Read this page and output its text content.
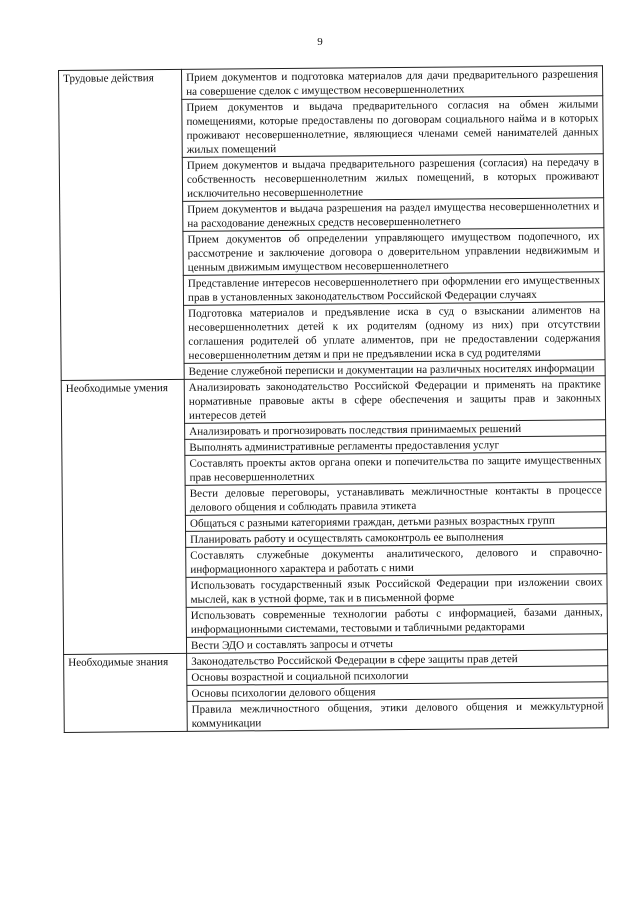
9
Трудовые действия	Прием документов и подготовка материалов для дачи предварительного разрешения на совершение сделок с имуществом несовершеннолетних
	Прием документов и выдача предварительного согласия на обмен жилыми помещениями, которые предоставлены по договорам социального найма и в которых проживают несовершеннолетние, являющиеся членами семей нанимателей данных жилых помещений
	Прием документов и выдача предварительного разрешения (согласия) на передачу в собственность несовершеннолетним жилых помещений, в которых проживают исключительно несовершеннолетние
	Прием документов и выдача разрешения на раздел имущества несовершеннолетних и на расходование денежных средств несовершеннолетнего
	Прием документов об определении управляющего имуществом подопечного, их рассмотрение и заключение договора о доверительном управлении недвижимым и ценным движимым имуществом несовершеннолетнего
	Представление интересов несовершеннолетнего при оформлении его имущественных прав в установленных законодательством Российской Федерации случаях
	Подготовка материалов и предъявление иска в суд о взыскании алиментов на несовершеннолетних детей к их родителям (одному из них) при отсутствии соглашения родителей об уплате алиментов, при не предоставлении содержания несовершеннолетним детям и при не предъявлении иска в суд родителями
	Ведение служебной переписки и документации на различных носителях информации
Необходимые умения	Анализировать законодательство Российской Федерации и применять на практике нормативные правовые акты в сфере обеспечения и защиты прав и законных интересов детей
	Анализировать и прогнозировать последствия принимаемых решений
	Выполнять административные регламенты предоставления услуг
	Составлять проекты актов органа опеки и попечительства по защите имущественных прав несовершеннолетних
	Вести деловые переговоры, устанавливать межличностные контакты в процессе делового общения и соблюдать правила этикета
	Общаться с разными категориями граждан, детьми разных возрастных групп
	Планировать работу и осуществлять самоконтроль ее выполнения
	Составлять служебные документы аналитического, делового и справочно-информационного характера и работать с ними
	Использовать государственный язык Российской Федерации при изложении своих мыслей, как в устной форме, так и в письменной форме
	Использовать современные технологии работы с информацией, базами данных, информационными системами, тестовыми и табличными редакторами
	Вести ЭДО и составлять запросы и отчеты
Необходимые знания	Законодательство Российской Федерации в сфере защиты прав детей
	Основы возрастной и социальной психологии
	Основы психологии делового общения
	Правила межличностного общения, этики делового общения и межкультурной коммуникации
